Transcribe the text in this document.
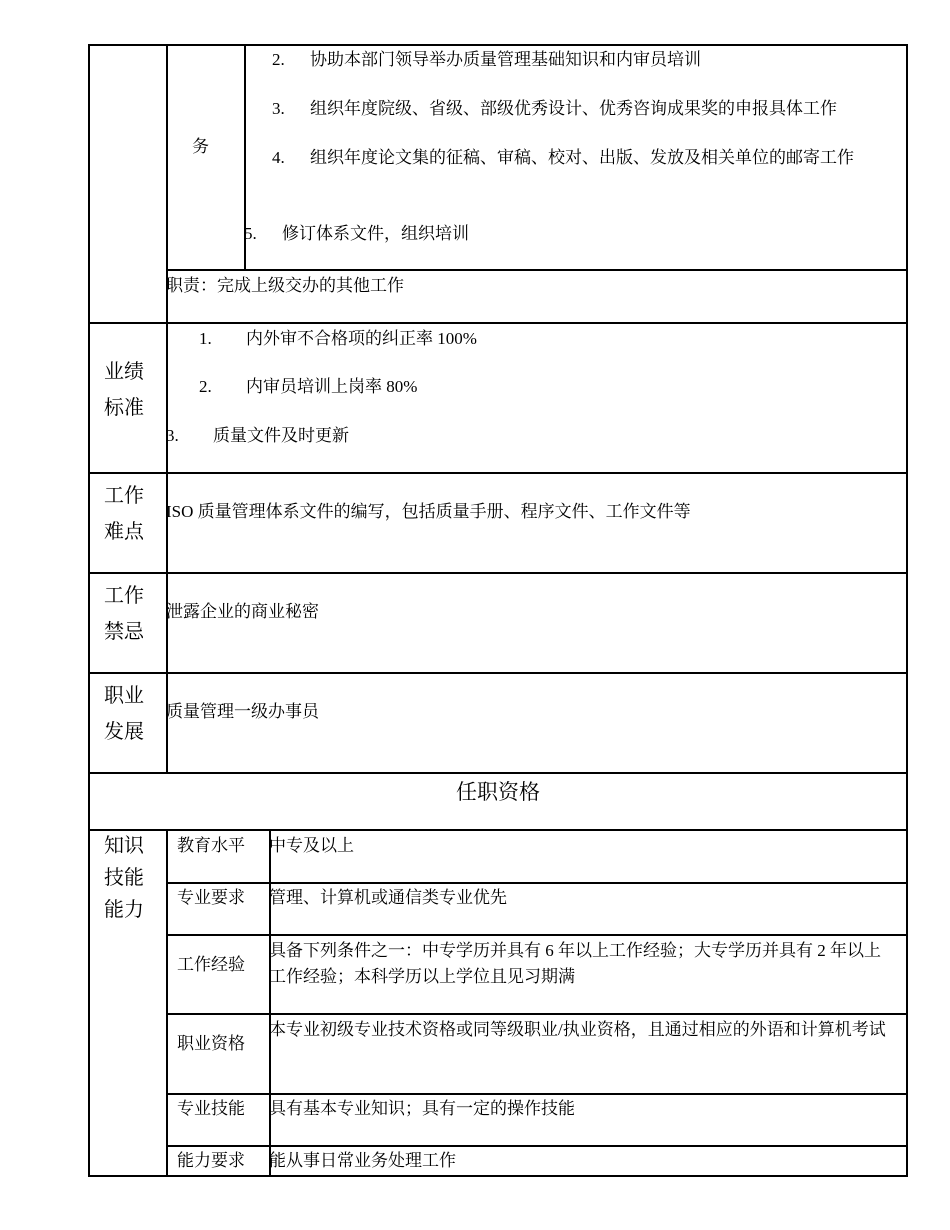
务
2. 协助本部门领导举办质量管理基础知识和内审员培训
3. 组织年度院级、省级、部级优秀设计、优秀咨询成果奖的申报具体工作
4. 组织年度论文集的征稿、审稿、校对、出版、发放及相关单位的邮寄工作
5. 修订体系文件，组织培训
职责：完成上级交办的其他工作
业绩标准
1. 内外审不合格项的纠正率 100%
2. 内审员培训上岗率 80%
3. 质量文件及时更新
工作难点
ISO 质量管理体系文件的编写，包括质量手册、程序文件、工作文件等
工作禁忌
泄露企业的商业秘密
职业发展
质量管理一级办事员
任职资格
知识技能能力
教育水平 中专及以上
专业要求 管理、计算机或通信类专业优先
工作经验
具备下列条件之一：中专学历并具有 6 年以上工作经验；大专学历并具有 2 年以上工作经验；本科学历以上学位且见习期满
职业资格
本专业初级专业技术资格或同等级职业/执业资格，且通过相应的外语和计算机考试
专业技能 具有基本专业知识；具有一定的操作技能
能力要求 能从事日常业务处理工作
